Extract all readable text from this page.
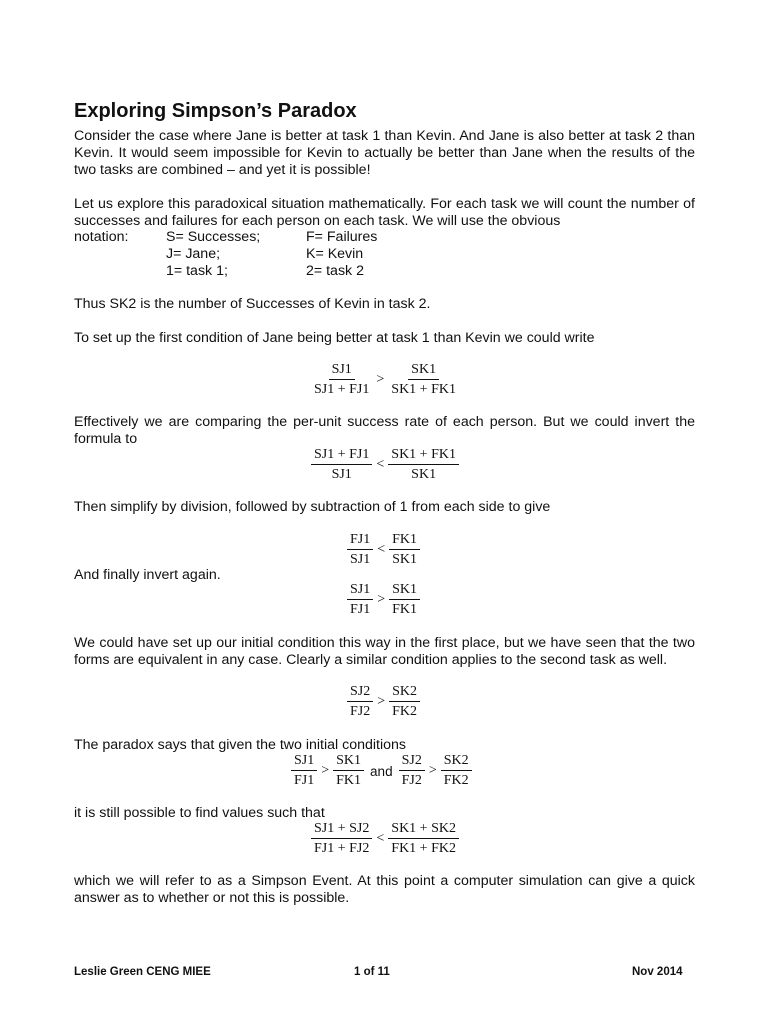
Exploring Simpson’s Paradox

Consider the case where Jane is better at task 1 than Kevin. And Jane is also better at task 2 than Kevin. It would seem impossible for Kevin to actually be better than Jane when the results of the two tasks are combined – and yet it is possible!

Let us explore this paradoxical situation mathematically. For each task we will count the number of successes and failures for each person on each task. We will use the obvious

notation:	S= Successes;	F= Failures
J= Jane;	K= Kevin
1= task 1;	2= task 2

Thus SK2 is the number of Successes of Kevin in task 2.

To set up the first condition of Jane being better at task 1 than Kevin we could write

$\frac{SJ1}{SJ1 + FJ1} > \frac{SK1}{SK1 + FK1}$

Effectively we are comparing the per-unit success rate of each person. But we could invert the formula to

$\frac{SJ1 + FJ1}{SJ1} < \frac{SK1 + FK1}{SK1}$

Then simplify by division, followed by subtraction of 1 from each side to give

$\frac{FJ1}{SJ1} < \frac{FK1}{SK1}$

And finally invert again.

$\frac{SJ1}{FJ1} > \frac{SK1}{FK1}$

We could have set up our initial condition this way in the first place, but we have seen that the two forms are equivalent in any case. Clearly a similar condition applies to the second task as well.

$\frac{SJ2}{FJ2} > \frac{SK2}{FK2}$

The paradox says that given the two initial conditions

$\frac{SJ1}{FJ1} > \frac{SK1}{FK1}$ and $\frac{SJ2}{FJ2} > \frac{SK2}{FK2}$

it is still possible to find values such that

$\frac{SJ1 + SJ2}{FJ1 + FJ2} < \frac{SK1 + SK2}{FK1 + FK2}$

which we will refer to as a Simpson Event. At this point a computer simulation can give a quick answer as to whether or not this is possible.

Leslie Green CENG MIEE	1 of 11	Nov 2014
